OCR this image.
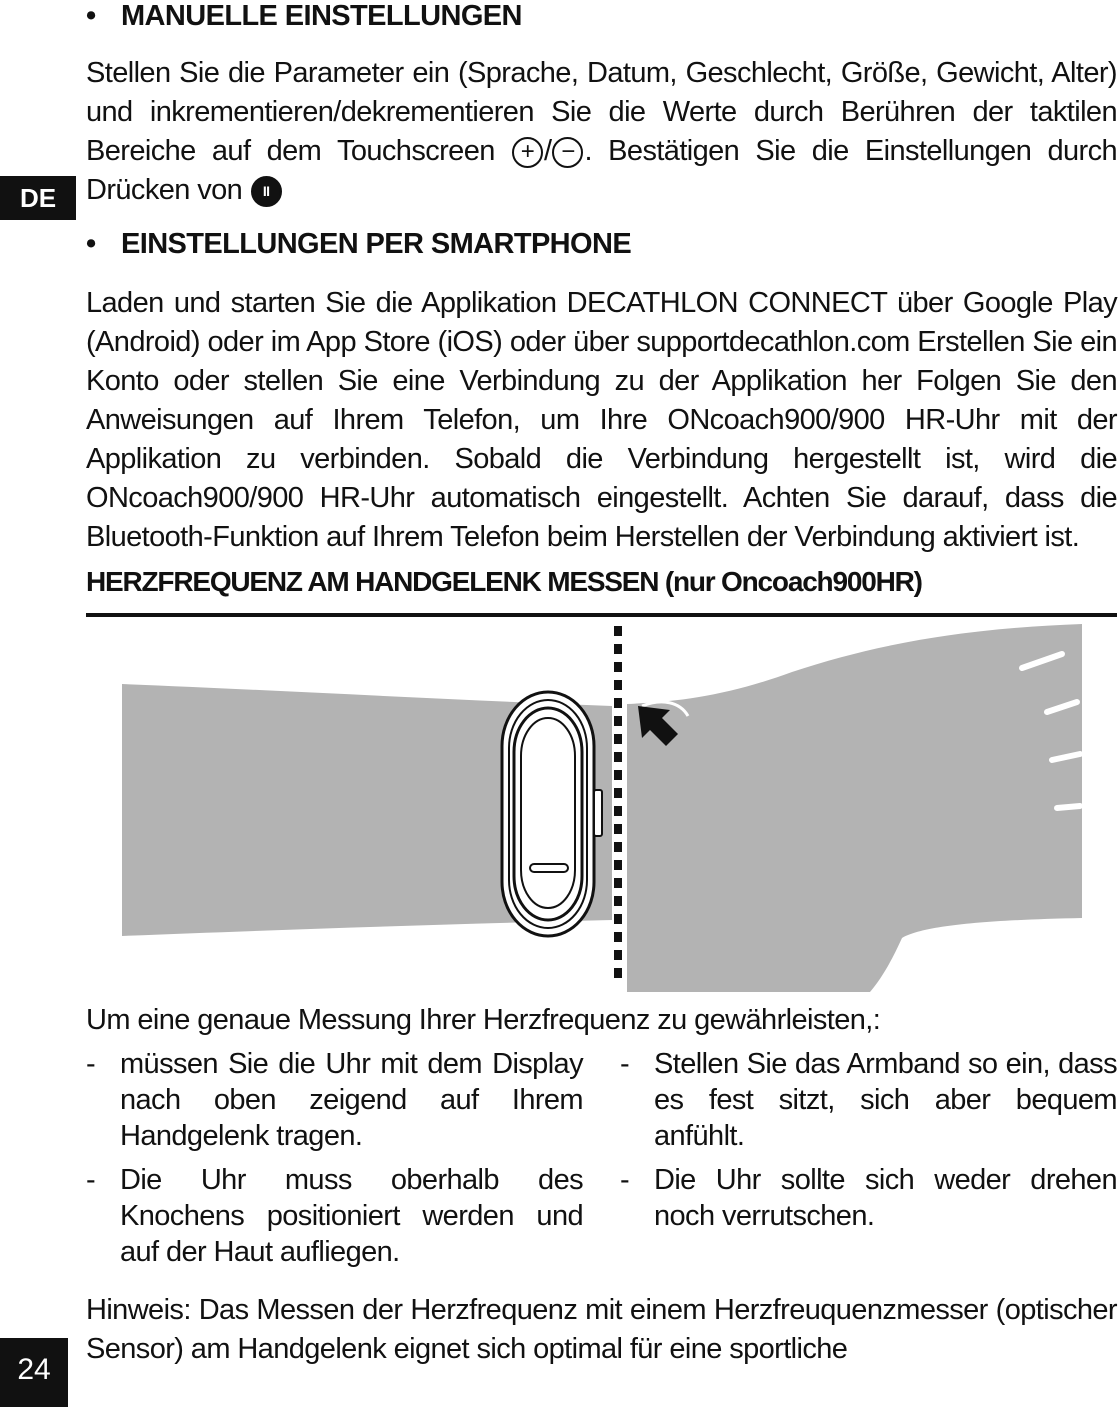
DE
24
• MANUELLE EINSTELLUNGEN

Stellen Sie die Parameter ein (Sprache, Datum, Geschlecht, Größe, Gewicht, Alter) und inkrementieren/dekrementieren Sie die Werte durch Berühren der taktilen Bereiche auf dem Touchscreen + / − . Bestätigen Sie die Einstellungen durch Drücken von II

• EINSTELLUNGEN PER SMARTPHONE

Laden und starten Sie die Applikation DECATHLON CONNECT über Google Play (Android) oder im App Store (iOS) oder über supportdecathlon.com Erstellen Sie ein Konto oder stellen Sie eine Verbindung zu der Applikation her Folgen Sie den Anweisungen auf Ihrem Telefon, um Ihre ONcoach900/900 HR-Uhr mit der Applikation zu verbinden. Sobald die Verbindung hergestellt ist, wird die ONcoach900/900 HR-Uhr automatisch eingestellt. Achten Sie darauf, dass die Bluetooth-Funktion auf Ihrem Telefon beim Herstellen der Verbindung aktiviert ist.

HERZFREQUENZ AM HANDGELENK MESSEN (nur Oncoach900HR)
Um eine genaue Messung Ihrer Herzfrequenz zu gewährleisten,:
- müssen Sie die Uhr mit dem Display nach oben zeigend auf Ihrem Handgelenk tragen.
- Die Uhr muss oberhalb des Knochens positioniert werden und auf der Haut aufliegen.
- Stellen Sie das Armband so ein, dass es fest sitzt, sich aber bequem anfühlt.
- Die Uhr sollte sich weder drehen noch verrutschen.

Hinweis: Das Messen der Herzfrequenz mit einem Herzfreuquenzmesser (optischer Sensor) am Handgelenk eignet sich optimal für eine sportliche
